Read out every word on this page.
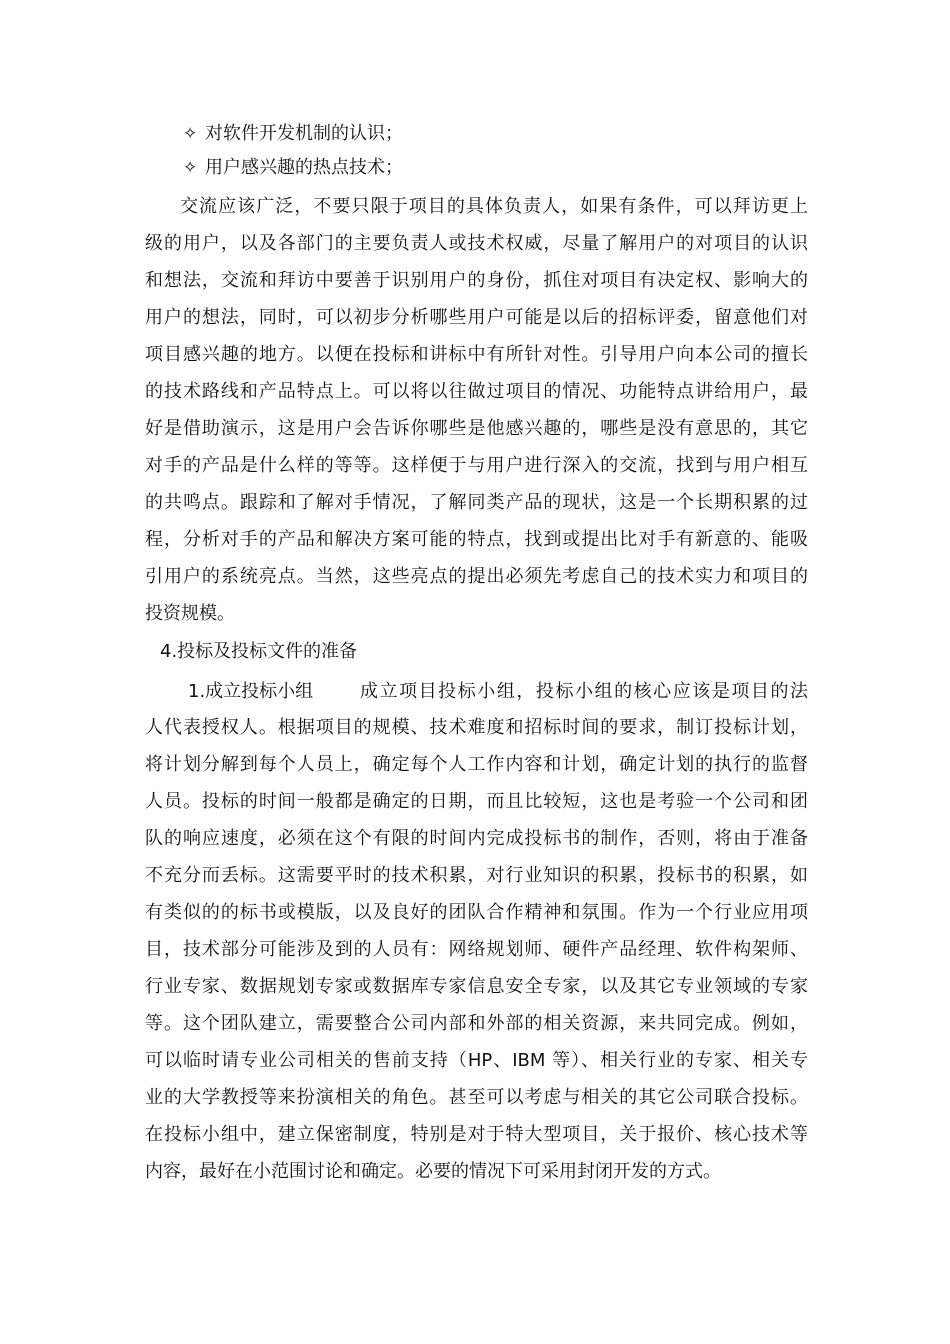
✧ 对软件开发机制的认识；
✧ 用户感兴趣的热点技术；
交流应该广泛，不要只限于项目的具体负责人，如果有条件，可以拜访更上
级的用户，以及各部门的主要负责人或技术权威，尽量了解用户的对项目的认识
和想法，交流和拜访中要善于识别用户的身份，抓住对项目有决定权、影响大的
用户的想法，同时，可以初步分析哪些用户可能是以后的招标评委，留意他们对
项目感兴趣的地方。以便在投标和讲标中有所针对性。引导用户向本公司的擅长
的技术路线和产品特点上。可以将以往做过项目的情况、功能特点讲给用户，最
好是借助演示，这是用户会告诉你哪些是他感兴趣的，哪些是没有意思的，其它
对手的产品是什么样的等等。这样便于与用户进行深入的交流，找到与用户相互
的共鸣点。跟踪和了解对手情况，了解同类产品的现状，这是一个长期积累的过
程，分析对手的产品和解决方案可能的特点，找到或提出比对手有新意的、能吸
引用户的系统亮点。当然，这些亮点的提出必须先考虑自己的技术实力和项目的
投资规模。
4.投标及投标文件的准备
1.成立投标小组	成立项目投标小组，投标小组的核心应该是项目的法
人代表授权人。根据项目的规模、技术难度和招标时间的要求，制订投标计划，
将计划分解到每个人员上，确定每个人工作内容和计划，确定计划的执行的监督
人员。投标的时间一般都是确定的日期，而且比较短，这也是考验一个公司和团
队的响应速度，必须在这个有限的时间内完成投标书的制作，否则，将由于准备
不充分而丢标。这需要平时的技术积累，对行业知识的积累，投标书的积累，如
有类似的的标书或模版，以及良好的团队合作精神和氛围。作为一个行业应用项
目，技术部分可能涉及到的人员有：网络规划师、硬件产品经理、软件构架师、
行业专家、数据规划专家或数据库专家信息安全专家，以及其它专业领域的专家
等。这个团队建立，需要整合公司内部和外部的相关资源，来共同完成。例如，
可以临时请专业公司相关的售前支持（HP、IBM 等）、相关行业的专家、相关专
业的大学教授等来扮演相关的角色。甚至可以考虑与相关的其它公司联合投标。
在投标小组中，建立保密制度，特别是对于特大型项目，关于报价、核心技术等
内容，最好在小范围讨论和确定。必要的情况下可采用封闭开发的方式。
